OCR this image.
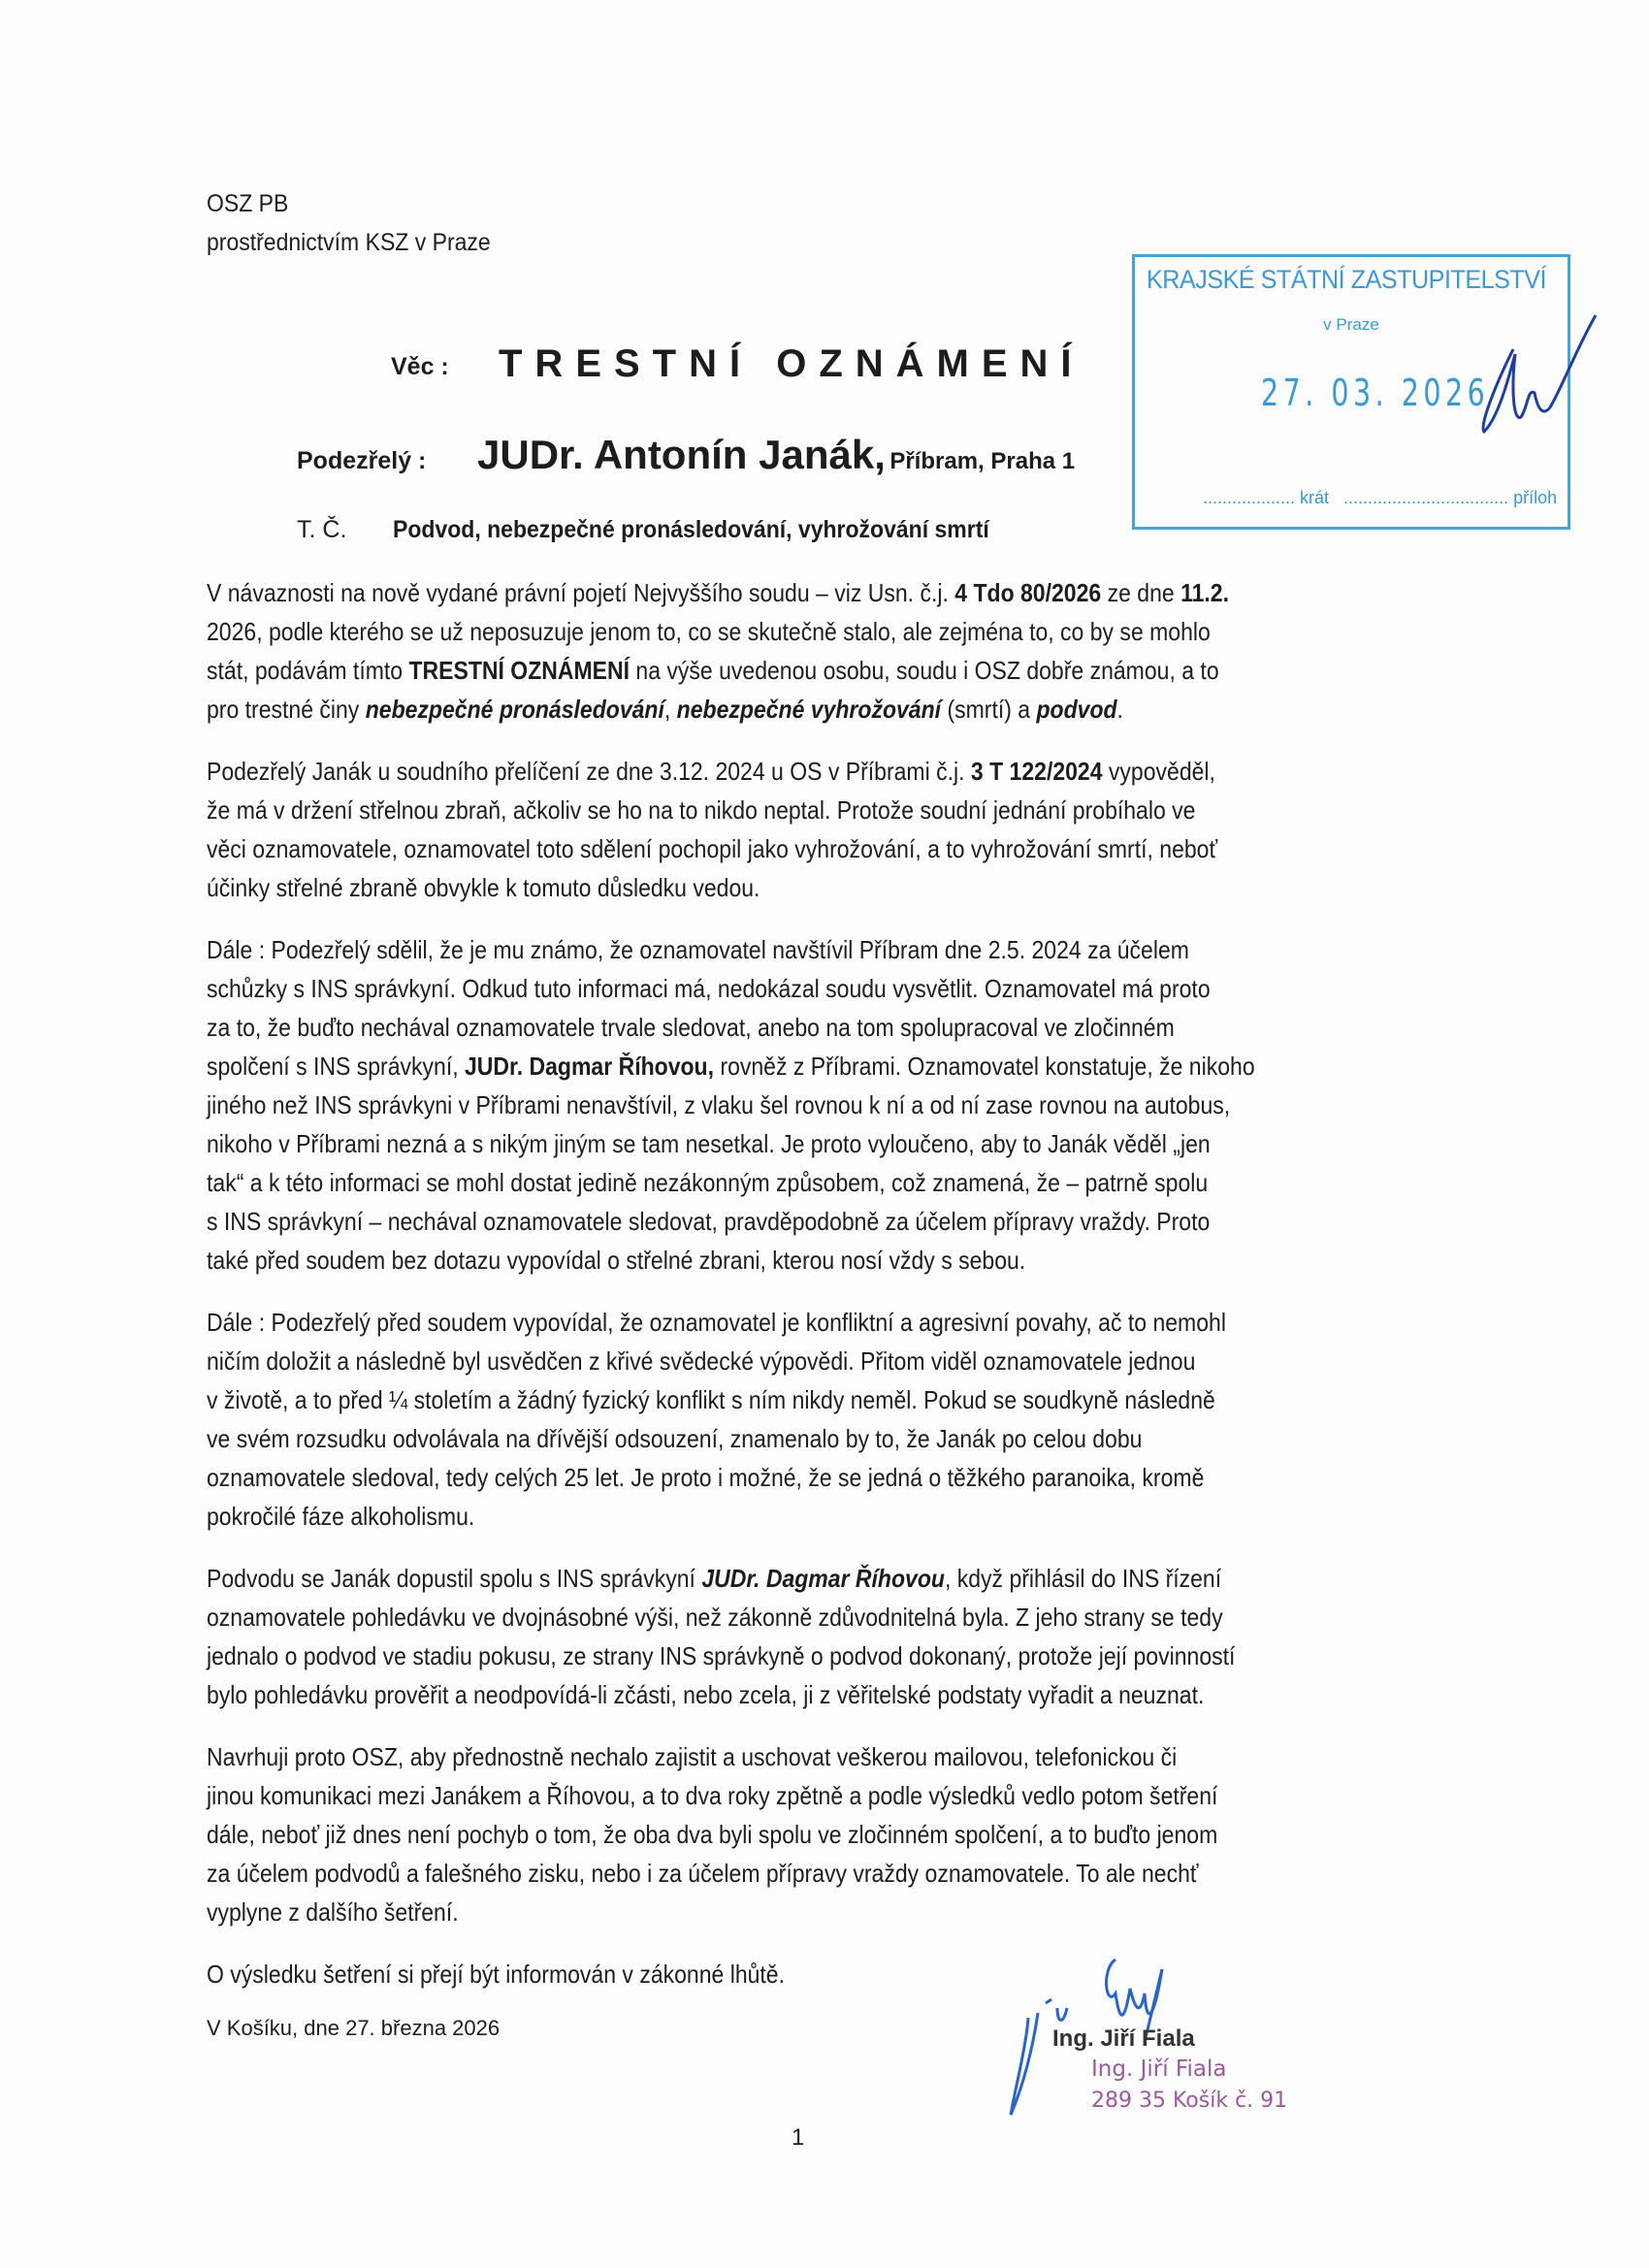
OSZ PB
prostřednictvím KSZ v Praze
Věc : TRESTNÍ OZNÁMENÍ
Podezřelý : JUDr. Antonín Janák, Příbram, Praha 1
T. Č. Podvod, nebezpečné pronásledování, vyhrožování smrtí
KRAJSKÉ STÁTNÍ ZASTUPITELSTVÍ
v Praze
27. 03. 2026
................... krát .................................. příloh
V návaznosti na nově vydané právní pojetí Nejvyššího soudu – viz Usn. č.j. 4 Tdo 80/2026 ze dne 11.2.
2026, podle kterého se už neposuzuje jenom to, co se skutečně stalo, ale zejména to, co by se mohlo
stát, podávám tímto TRESTNÍ OZNÁMENÍ na výše uvedenou osobu, soudu i OSZ dobře známou, a to
pro trestné činy nebezpečné pronásledování, nebezpečné vyhrožování (smrtí) a podvod.
Podezřelý Janák u soudního přelíčení ze dne 3.12. 2024 u OS v Příbrami č.j. 3 T 122/2024 vypověděl,
že má v držení střelnou zbraň, ačkoliv se ho na to nikdo neptal. Protože soudní jednání probíhalo ve
věci oznamovatele, oznamovatel toto sdělení pochopil jako vyhrožování, a to vyhrožování smrtí, neboť
účinky střelné zbraně obvykle k tomuto důsledku vedou.
Dále : Podezřelý sdělil, že je mu známo, že oznamovatel navštívil Příbram dne 2.5. 2024 za účelem
schůzky s INS správkyní. Odkud tuto informaci má, nedokázal soudu vysvětlit. Oznamovatel má proto
za to, že buďto nechával oznamovatele trvale sledovat, anebo na tom spolupracoval ve zločinném
spolčení s INS správkyní, JUDr. Dagmar Říhovou, rovněž z Příbrami. Oznamovatel konstatuje, že nikoho
jiného než INS správkyni v Příbrami nenavštívil, z vlaku šel rovnou k ní a od ní zase rovnou na autobus,
nikoho v Příbrami nezná a s nikým jiným se tam nesetkal. Je proto vyloučeno, aby to Janák věděl „jen
tak“ a k této informaci se mohl dostat jedině nezákonným způsobem, což znamená, že – patrně spolu
s INS správkyní – nechával oznamovatele sledovat, pravděpodobně za účelem přípravy vraždy. Proto
také před soudem bez dotazu vypovídal o střelné zbrani, kterou nosí vždy s sebou.
Dále : Podezřelý před soudem vypovídal, že oznamovatel je konfliktní a agresivní povahy, ač to nemohl
ničím doložit a následně byl usvědčen z křivé svědecké výpovědi. Přitom viděl oznamovatele jednou
v životě, a to před ¼ stoletím a žádný fyzický konflikt s ním nikdy neměl. Pokud se soudkyně následně
ve svém rozsudku odvolávala na dřívější odsouzení, znamenalo by to, že Janák po celou dobu
oznamovatele sledoval, tedy celých 25 let. Je proto i možné, že se jedná o těžkého paranoika, kromě
pokročilé fáze alkoholismu.
Podvodu se Janák dopustil spolu s INS správkyní JUDr. Dagmar Říhovou, když přihlásil do INS řízení
oznamovatele pohledávku ve dvojnásobné výši, než zákonně zdůvodnitelná byla. Z jeho strany se tedy
jednalo o podvod ve stadiu pokusu, ze strany INS správkyně o podvod dokonaný, protože její povinností
bylo pohledávku prověřit a neodpovídá-li zčásti, nebo zcela, ji z věřitelské podstaty vyřadit a neuznat.
Navrhuji proto OSZ, aby přednostně nechalo zajistit a uschovat veškerou mailovou, telefonickou či
jinou komunikaci mezi Janákem a Říhovou, a to dva roky zpětně a podle výsledků vedlo potom šetření
dále, neboť již dnes není pochyb o tom, že oba dva byli spolu ve zločinném spolčení, a to buďto jenom
za účelem podvodů a falešného zisku, nebo i za účelem přípravy vraždy oznamovatele. To ale nechť
vyplyne z dalšího šetření.
O výsledku šetření si přejí být informován v zákonné lhůtě.
V Košíku, dne 27. března 2026	Ing. Jiří Fiala
Ing. Jiří Fiala
289 35 Košík č. 91
1
